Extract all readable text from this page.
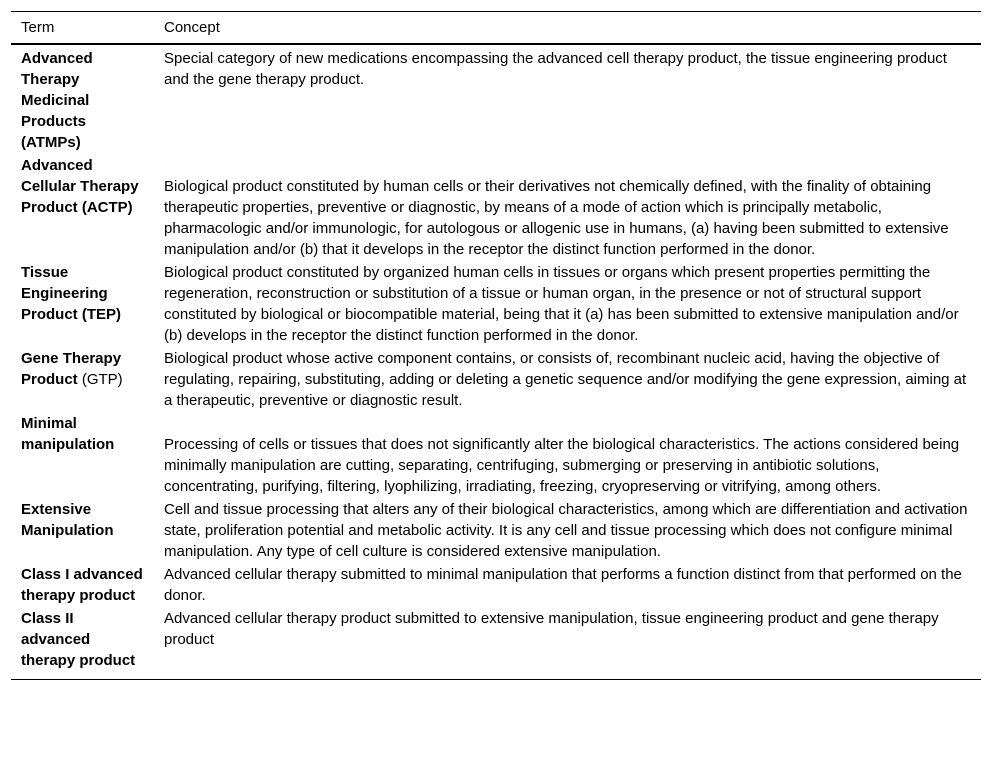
Term	Concept
Advanced Therapy Medicinal Products (ATMPs)	Special category of new medications encompassing the advanced cell therapy product, the tissue engineering product and the gene therapy product.
Advanced Cellular Therapy Product (ACTP)	Biological product constituted by human cells or their derivatives not chemically defined, with the finality of obtaining therapeutic properties, preventive or diagnostic, by means of a mode of action which is principally metabolic, pharmacologic and/or immunologic, for autologous or allogenic use in humans, (a) having been submitted to extensive manipulation and/or (b) that it develops in the receptor the distinct function performed in the donor.
Tissue Engineering Product (TEP)	Biological product constituted by organized human cells in tissues or organs which present properties permitting the regeneration, reconstruction or substitution of a tissue or human organ, in the presence or not of structural support constituted by biological or biocompatible material, being that it (a) has been submitted to extensive manipulation and/or (b) develops in the receptor the distinct function performed in the donor.
Gene Therapy Product (GTP)	Biological product whose active component contains, or consists of, recombinant nucleic acid, having the objective of regulating, repairing, substituting, adding or deleting a genetic sequence and/or modifying the gene expression, aiming at a therapeutic, preventive or diagnostic result.
Minimal manipulation	Processing of cells or tissues that does not significantly alter the biological characteristics. The actions considered being minimally manipulation are cutting, separating, centrifuging, submerging or preserving in antibiotic solutions, concentrating, purifying, filtering, lyophilizing, irradiating, freezing, cryopreserving or vitrifying, among others.
Extensive Manipulation	Cell and tissue processing that alters any of their biological characteristics, among which are differentiation and activation state, proliferation potential and metabolic activity. It is any cell and tissue processing which does not configure minimal manipulation. Any type of cell culture is considered extensive manipulation.
Class I advanced therapy product	Advanced cellular therapy submitted to minimal manipulation that performs a function distinct from that performed on the donor.
Class II advanced therapy product	Advanced cellular therapy product submitted to extensive manipulation, tissue engineering product and gene therapy product
